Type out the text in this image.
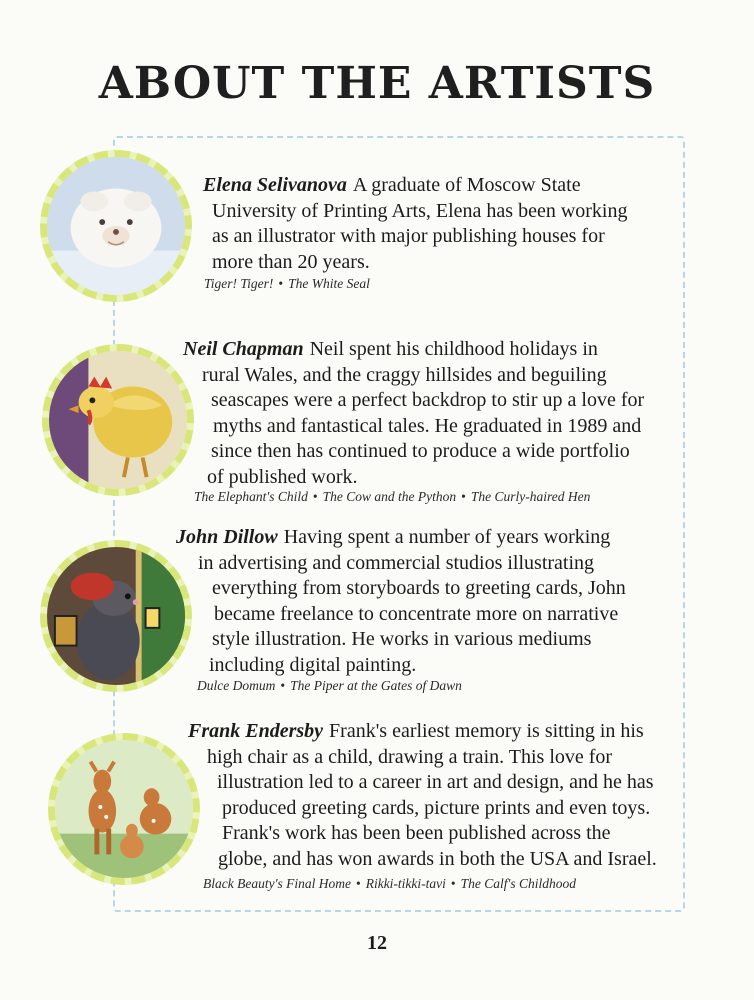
ABOUT THE ARTISTS
Elena Selivanova A graduate of Moscow State
University of Printing Arts, Elena has been working
as an illustrator with major publishing houses for
more than 20 years.
Tiger! Tiger! • The White Seal
Neil Chapman Neil spent his childhood holidays in
rural Wales, and the craggy hillsides and beguiling
seascapes were a perfect backdrop to stir up a love for
myths and fantastical tales. He graduated in 1989 and
since then has continued to produce a wide portfolio
of published work.
The Elephant's Child • The Cow and the Python • The Curly-haired Hen
John Dillow Having spent a number of years working
in advertising and commercial studios illustrating
everything from storyboards to greeting cards, John
became freelance to concentrate more on narrative
style illustration. He works in various mediums
including digital painting.
Dulce Domum • The Piper at the Gates of Dawn
Frank Endersby Frank's earliest memory is sitting in his
high chair as a child, drawing a train. This love for
illustration led to a career in art and design, and he has
produced greeting cards, picture prints and even toys.
Frank's work has been been published across the
globe, and has won awards in both the USA and Israel.
Black Beauty's Final Home • Rikki-tikki-tavi • The Calf's Childhood
12
